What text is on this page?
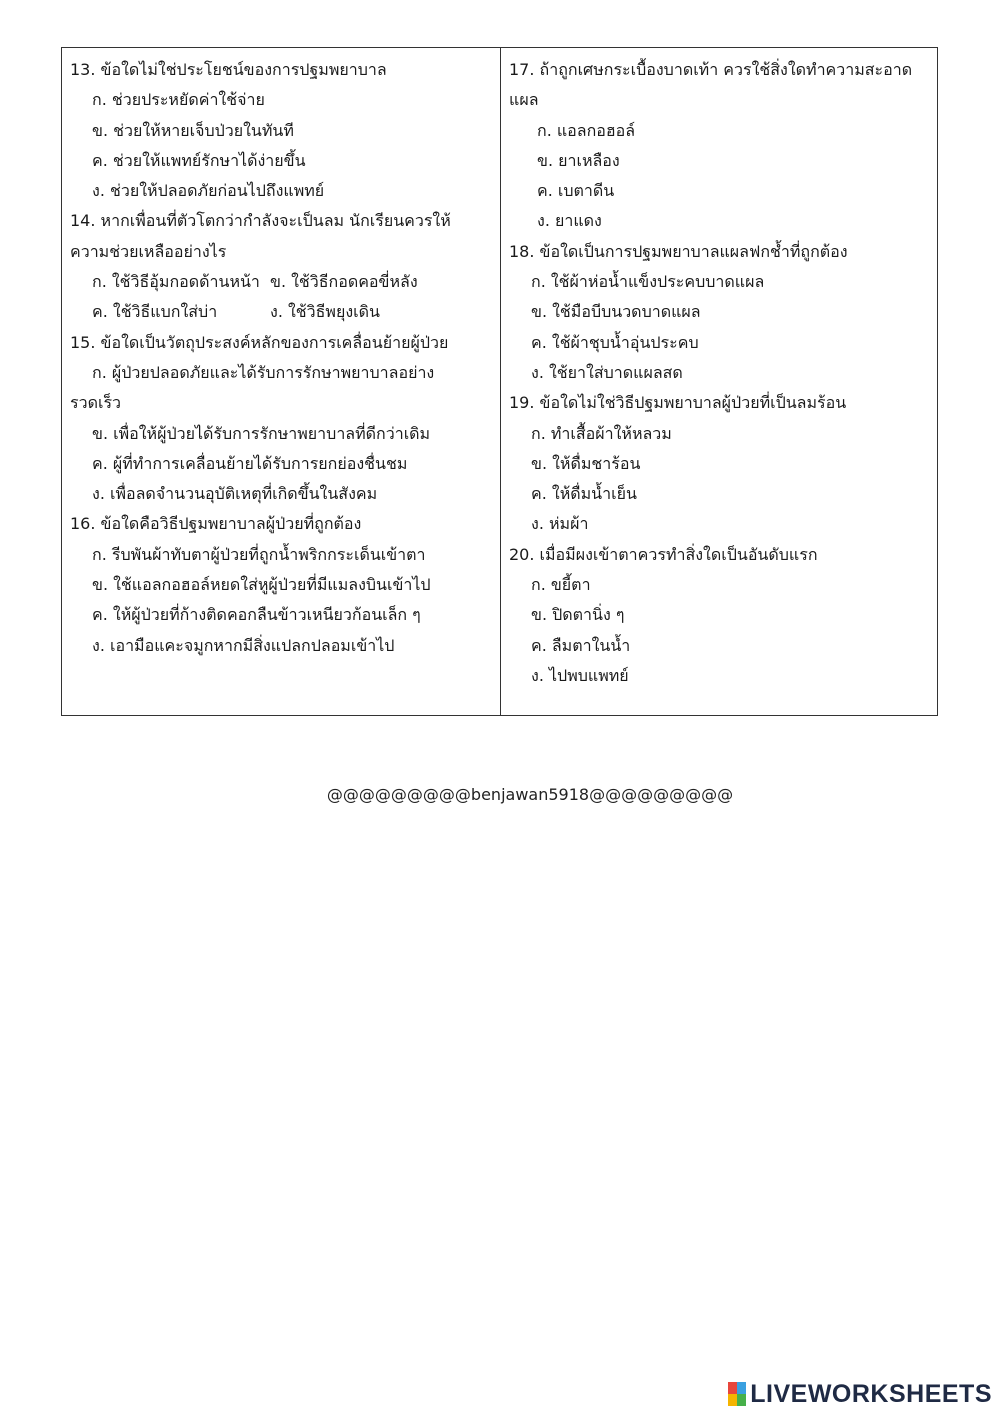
13. ข้อใดไม่ใช่ประโยชน์ของการปฐมพยาบาล
ก. ช่วยประหยัดค่าใช้จ่าย
ข. ช่วยให้หายเจ็บป่วยในทันที
ค. ช่วยให้แพทย์รักษาได้ง่ายขึ้น
ง. ช่วยให้ปลอดภัยก่อนไปถึงแพทย์
14. หากเพื่อนที่ตัวโตกว่ากำลังจะเป็นลม นักเรียนควรให้
ความช่วยเหลืออย่างไร
ก. ใช้วิธีอุ้มกอดด้านหน้า ข. ใช้วิธีกอดคอขี่หลัง
ค. ใช้วิธีแบกใส่บ่า	ง. ใช้วิธีพยุงเดิน
15. ข้อใดเป็นวัตถุประสงค์หลักของการเคลื่อนย้ายผู้ป่วย
ก. ผู้ป่วยปลอดภัยและได้รับการรักษาพยาบาลอย่าง
รวดเร็ว
ข. เพื่อให้ผู้ป่วยได้รับการรักษาพยาบาลที่ดีกว่าเดิม
ค. ผู้ที่ทำการเคลื่อนย้ายได้รับการยกย่องชื่นชม
ง. เพื่อลดจำนวนอุบัติเหตุที่เกิดขึ้นในสังคม
16. ข้อใดคือวิธีปฐมพยาบาลผู้ป่วยที่ถูกต้อง
ก. รีบพันผ้าทับตาผู้ป่วยที่ถูกน้ำพริกกระเด็นเข้าตา
ข. ใช้แอลกอฮอล์หยดใส่หูผู้ป่วยที่มีแมลงบินเข้าไป
ค. ให้ผู้ป่วยที่ก้างติดคอกลืนข้าวเหนียวก้อนเล็ก ๆ
ง. เอามือแคะจมูกหากมีสิ่งแปลกปลอมเข้าไป
17. ถ้าถูกเศษกระเบื้องบาดเท้า ควรใช้สิ่งใดทำความสะอาด
แผล
ก. แอลกอฮอล์
ข. ยาเหลือง
ค. เบตาดีน
ง. ยาแดง
18. ข้อใดเป็นการปฐมพยาบาลแผลฟกช้ำที่ถูกต้อง
ก. ใช้ผ้าห่อน้ำแข็งประคบบาดแผล
ข. ใช้มือบีบนวดบาดแผล
ค. ใช้ผ้าชุบน้ำอุ่นประคบ
ง. ใช้ยาใส่บาดแผลสด
19. ข้อใดไม่ใช่วิธีปฐมพยาบาลผู้ป่วยที่เป็นลมร้อน
ก. ทำเสื้อผ้าให้หลวม
ข. ให้ดื่มชาร้อน
ค. ให้ดื่มน้ำเย็น
ง. ห่มผ้า
20. เมื่อมีผงเข้าตาควรทำสิ่งใดเป็นอันดับแรก
ก. ขยี้ตา
ข. ปิดตานิ่ง ๆ
ค. ลืมตาในน้ำ
ง. ไปพบแพทย์
@@@@@@@@@benjawan5918@@@@@@@@@
LIVEWORKSHEETS
